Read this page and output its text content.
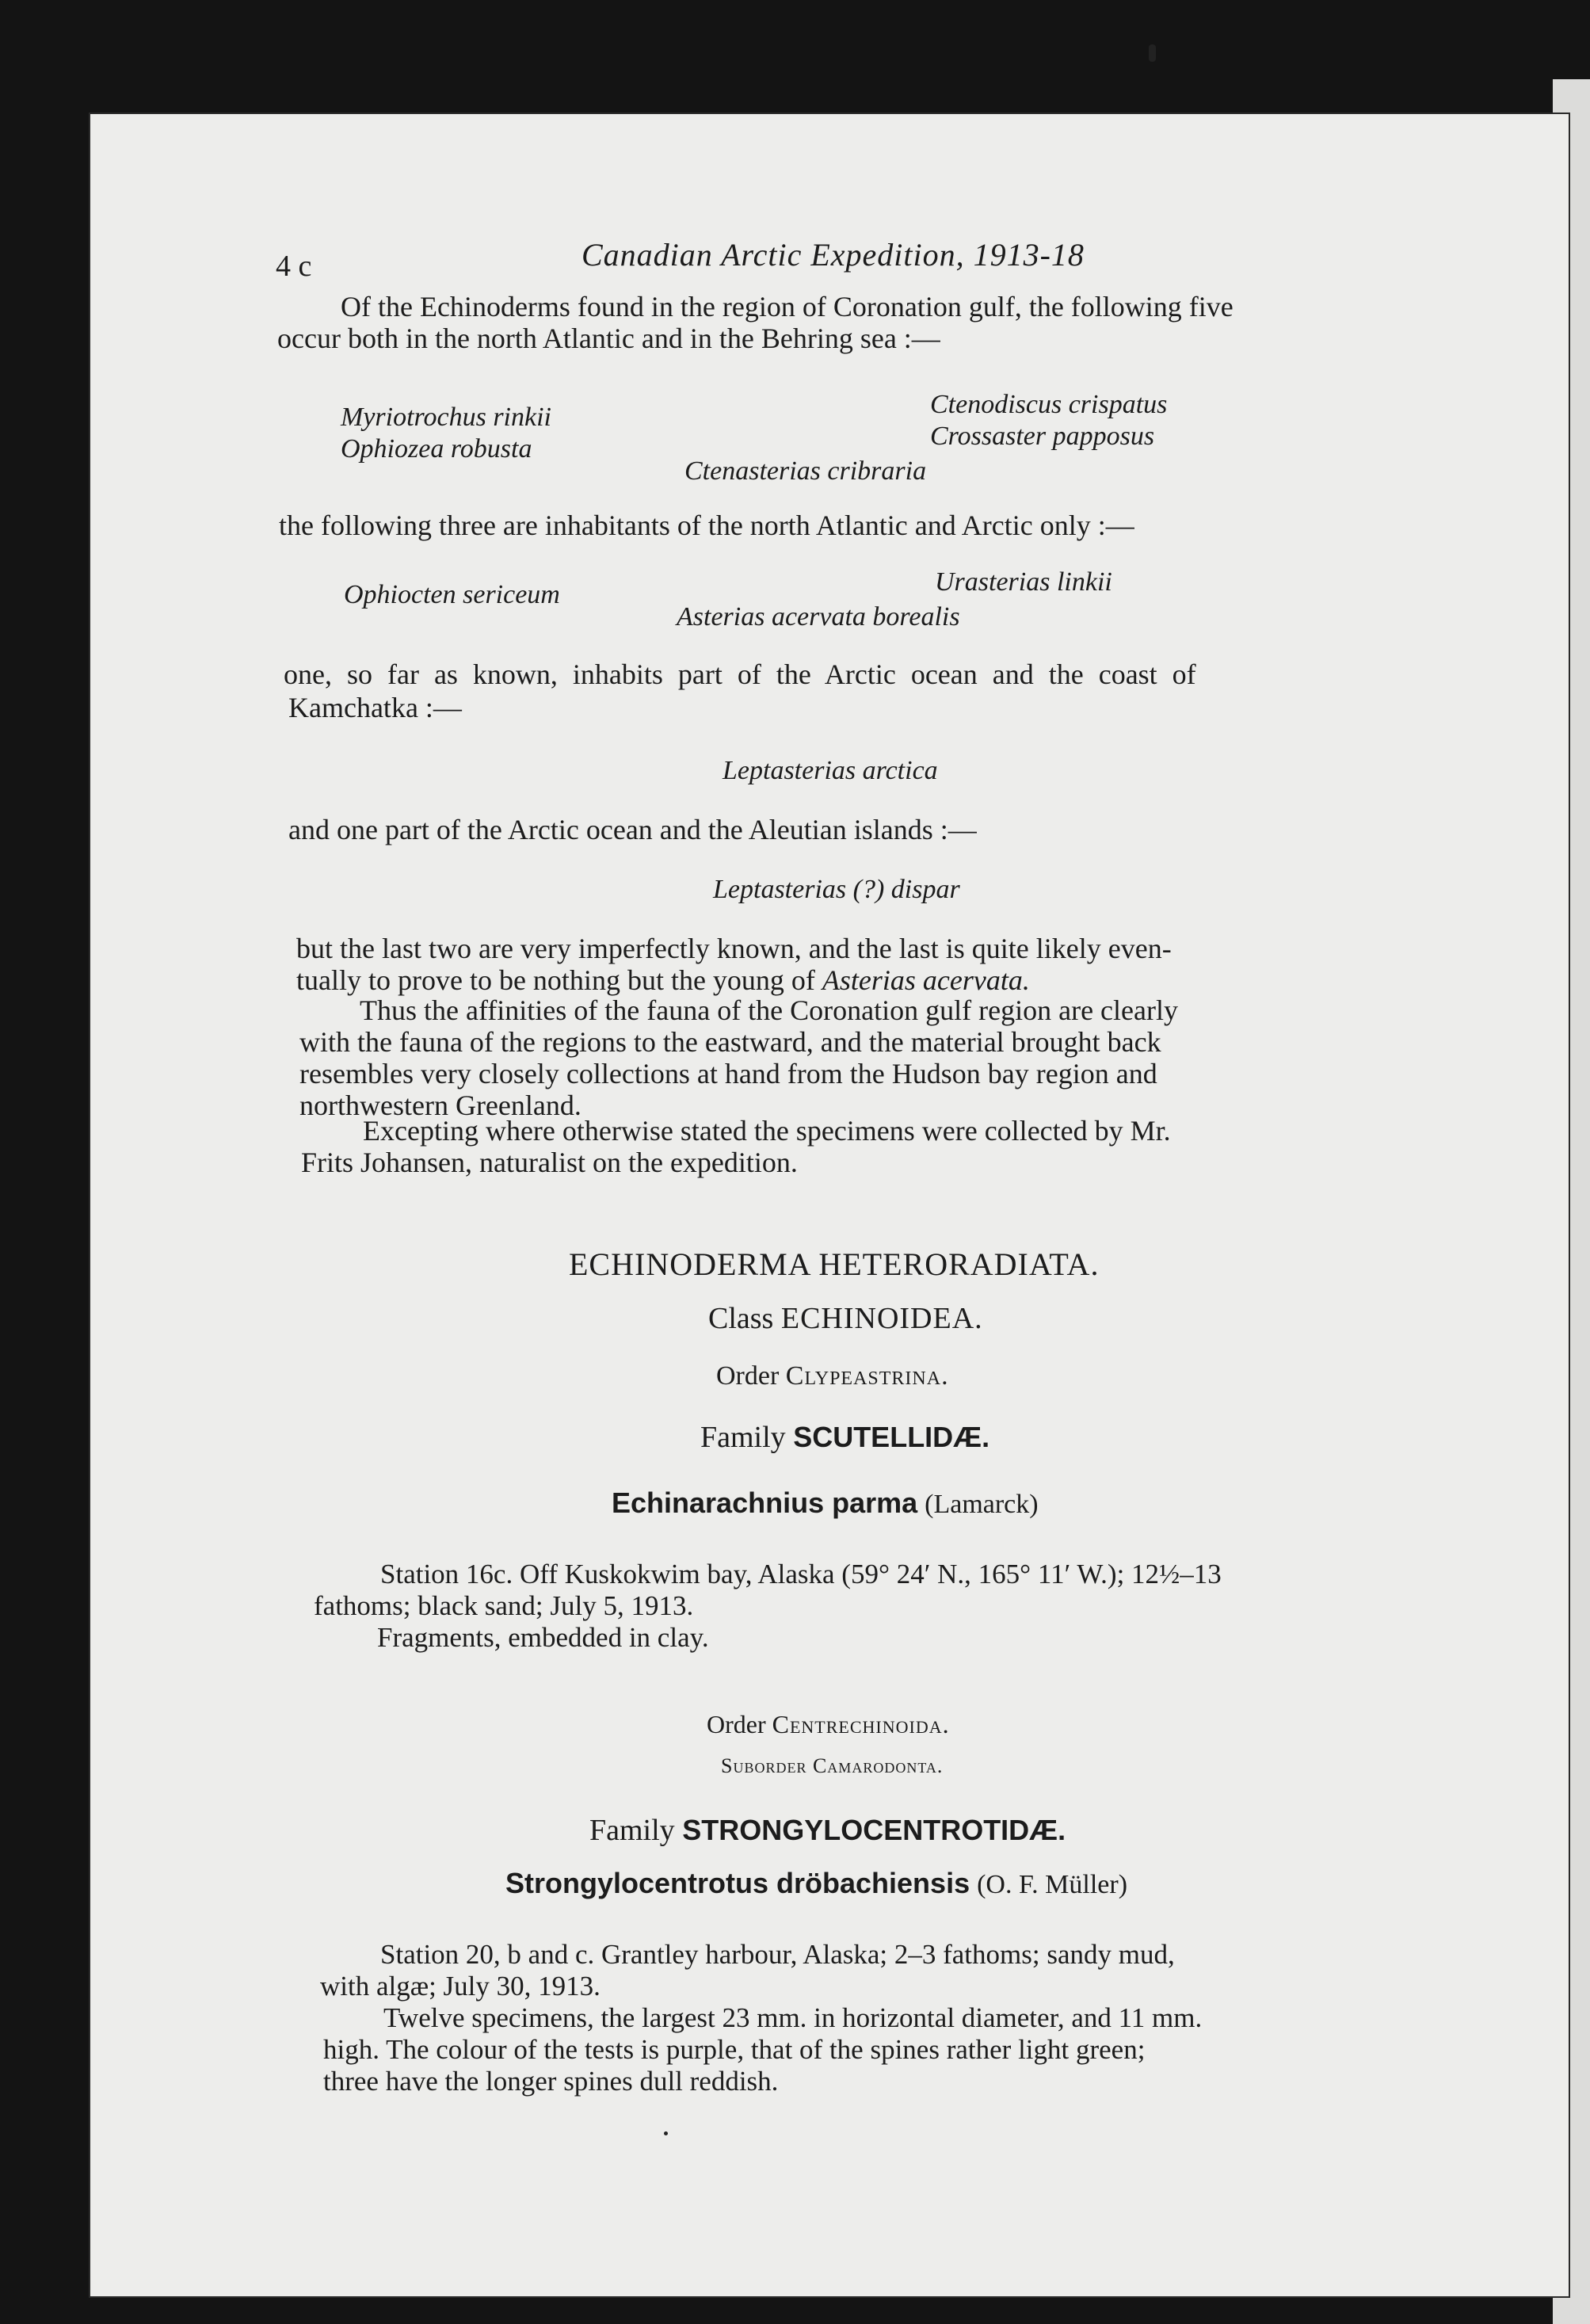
4 c	Canadian Arctic Expedition, 1913-18
Of the Echinoderms found in the region of Coronation gulf, the following five
occur both in the north Atlantic and in the Behring sea :—
Myriotrochus rinkii
Ophiozea robusta
Ctenodiscus crispatus
Crossaster papposus
Ctenasterias cribraria
the following three are inhabitants of the north Atlantic and Arctic only :—
Ophiocten sericeum	Urasterias linkii
Asterias acervata borealis
one, so far as known, inhabits part of the Arctic ocean and the coast of
Kamchatka :—
Leptasterias arctica
and one part of the Arctic ocean and the Aleutian islands :—
Leptasterias (?) dispar
but the last two are very imperfectly known, and the last is quite likely even-
tually to prove to be nothing but the young of Asterias acervata.
Thus the affinities of the fauna of the Coronation gulf region are clearly
with the fauna of the regions to the eastward, and the material brought back
resembles very closely collections at hand from the Hudson bay region and
northwestern Greenland.
Excepting where otherwise stated the specimens were collected by Mr.
Frits Johansen, naturalist on the expedition.
ECHINODERMA HETERORADIATA.
Class ECHINOIDEA.
Order Clypeastrina.
Family SCUTELLIDÆ.
Echinarachnius parma (Lamarck)
Station 16c. Off Kuskokwim bay, Alaska (59° 24′ N., 165° 11′ W.); 12½–13
fathoms; black sand; July 5, 1913.
Fragments, embedded in clay.
Order Centrechinoida.
Suborder Camarodonta.
Family STRONGYLOCENTROTIDÆ.
Strongylocentrotus dröbachiensis (O. F. Müller)
Station 20, b and c. Grantley harbour, Alaska; 2–3 fathoms; sandy mud,
with algæ; July 30, 1913.
Twelve specimens, the largest 23 mm. in horizontal diameter, and 11 mm.
high. The colour of the tests is purple, that of the spines rather light green;
three have the longer spines dull reddish.
